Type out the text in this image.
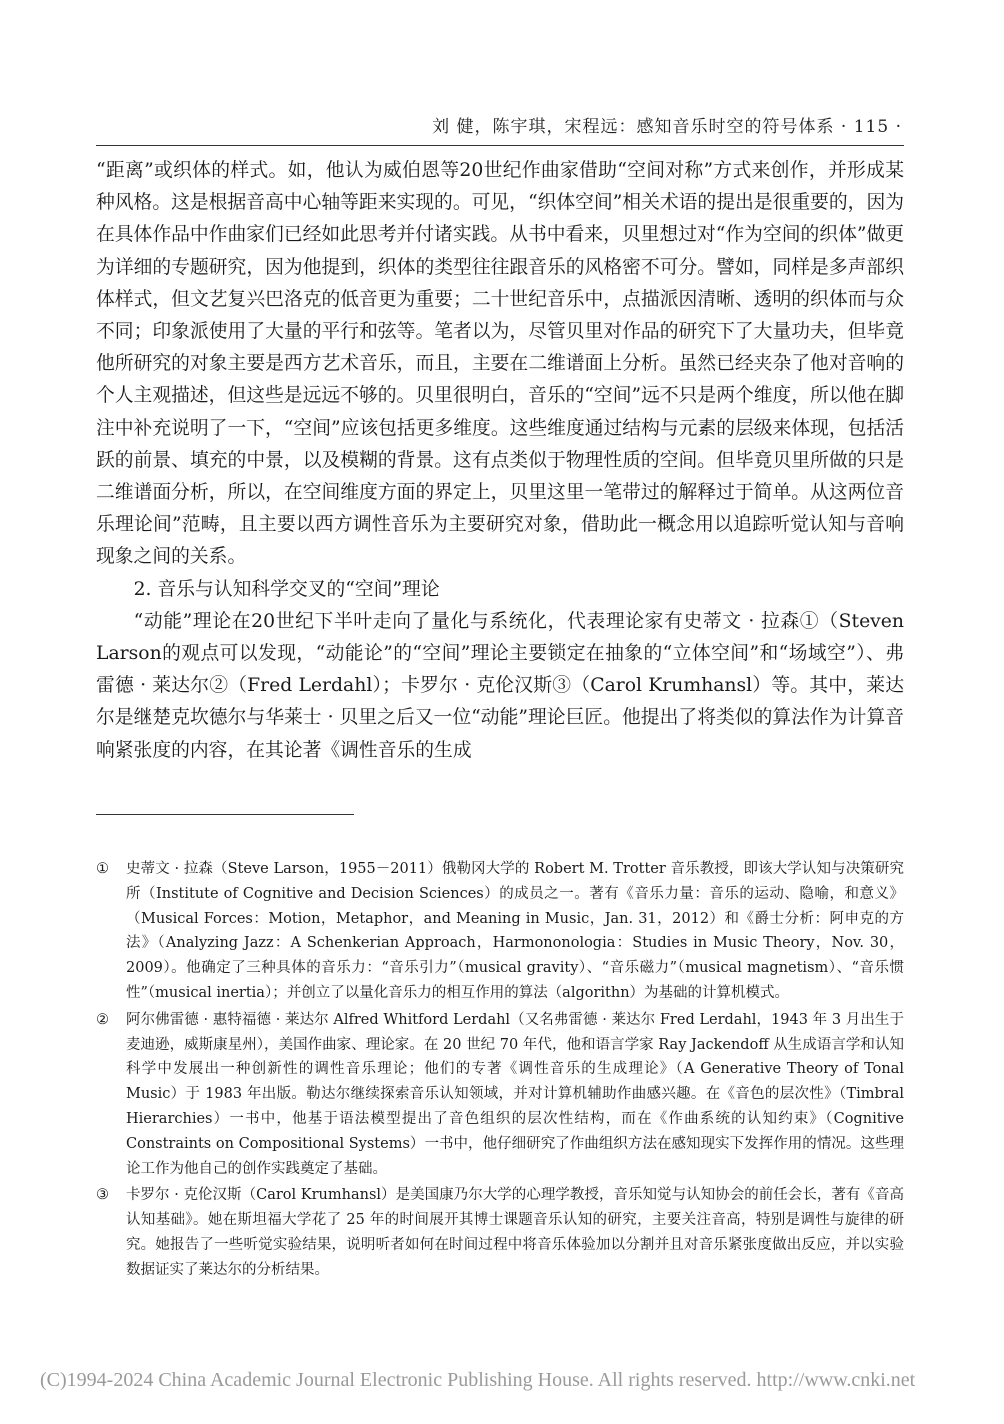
刘 健，陈宇琪，宋程远：感知音乐时空的符号体系 · 115 ·

“距离”或织体的样式。如，他认为威伯恩等20世纪作曲家借助“空间对称”方式来创作，并形成某种风格。这是根据音高中心轴等距来实现的。可见，“织体空间”相关术语的提出是很重要的，因为在具体作品中作曲家们已经如此思考并付诸实践。从书中看来，贝里想过对“作为空间的织体”做更为详细的专题研究，因为他提到，织体的类型往往跟音乐的风格密不可分。譬如，同样是多声部织体样式，但文艺复兴巴洛克的低音更为重要；二十世纪音乐中，点描派因清晰、透明的织体而与众不同；印象派使用了大量的平行和弦等。笔者以为，尽管贝里对作品的研究下了大量功夫，但毕竟他所研究的对象主要是西方艺术音乐，而且，主要在二维谱面上分析。虽然已经夹杂了他对音响的个人主观描述，但这些是远远不够的。贝里很明白，音乐的“空间”远不只是两个维度，所以他在脚注中补充说明了一下，“空间”应该包括更多维度。这些维度通过结构与元素的层级来体现，包括活跃的前景、填充的中景，以及模糊的背景。这有点类似于物理性质的空间。但毕竟贝里所做的只是二维谱面分析，所以，在空间维度方面的界定上，贝里这里一笔带过的解释过于简单。从这两位音乐理论间”范畴，且主要以西方调性音乐为主要研究对象，借助此一概念用以追踪听觉认知与音响现象之间的关系。

2. 音乐与认知科学交叉的“空间”理论

“动能”理论在20世纪下半叶走向了量化与系统化，代表理论家有史蒂文 · 拉森①（Steven Larson的观点可以发现，“动能论”的“空间”理论主要锁定在抽象的“立体空间”和“场域空”）、弗雷德 · 莱达尔②（Fred Lerdahl）；卡罗尔 · 克伦汉斯③（Carol Krumhansl）等。其中，莱达尔是继楚克坎德尔与华莱士 · 贝里之后又一位“动能”理论巨匠。他提出了将类似的算法作为计算音响紧张度的内容，在其论著《调性音乐的生成

①	史蒂文 · 拉森（Steve Larson，1955－2011）俄勒冈大学的 Robert M. Trotter 音乐教授，即该大学认知与决策研究所（Institute of Cognitive and Decision Sciences）的成员之一。著有《音乐力量：音乐的运动、隐喻，和意义》（Musical Forces：Motion，Metaphor，and Meaning in Music，Jan. 31，2012）和《爵士分析：阿申克的方法》（Analyzing Jazz：A Schenkerian Approach，Harmononologia：Studies in Music Theory，Nov. 30，2009）。他确定了三种具体的音乐力：“音乐引力”（musical gravity）、“音乐磁力”（musical magnetism）、“音乐惯性”（musical inertia）；并创立了以量化音乐力的相互作用的算法（algorithn）为基础的计算机模式。
②	阿尔佛雷德 · 惠特福德 · 莱达尔 Alfred Whitford Lerdahl（又名弗雷德 · 莱达尔 Fred Lerdahl，1943 年 3 月出生于麦迪逊，威斯康星州），美国作曲家、理论家。在 20 世纪 70 年代，他和语言学家 Ray Jackendoff 从生成语言学和认知科学中发展出一种创新性的调性音乐理论；他们的专著《调性音乐的生成理论》（A Generative Theory of Tonal Music）于 1983 年出版。勒达尔继续探索音乐认知领域，并对计算机辅助作曲感兴趣。在《音色的层次性》（Timbral Hierarchies）一书中，他基于语法模型提出了音色组织的层次性结构，而在《作曲系统的认知约束》（Cognitive Constraints on Compositional Systems）一书中，他仔细研究了作曲组织方法在感知现实下发挥作用的情况。这些理论工作为他自己的创作实践奠定了基础。
③	卡罗尔 · 克伦汉斯（Carol Krumhansl）是美国康乃尔大学的心理学教授，音乐知觉与认知协会的前任会长，著有《音高认知基础》。她在斯坦福大学花了 25 年的时间展开其博士课题音乐认知的研究，主要关注音高，特别是调性与旋律的研究。她报告了一些听觉实验结果，说明听者如何在时间过程中将音乐体验加以分割并且对音乐紧张度做出反应，并以实验数据证实了莱达尔的分析结果。
(C)1994-2024 China Academic Journal Electronic Publishing House. All rights reserved. http://www.cnki.net
